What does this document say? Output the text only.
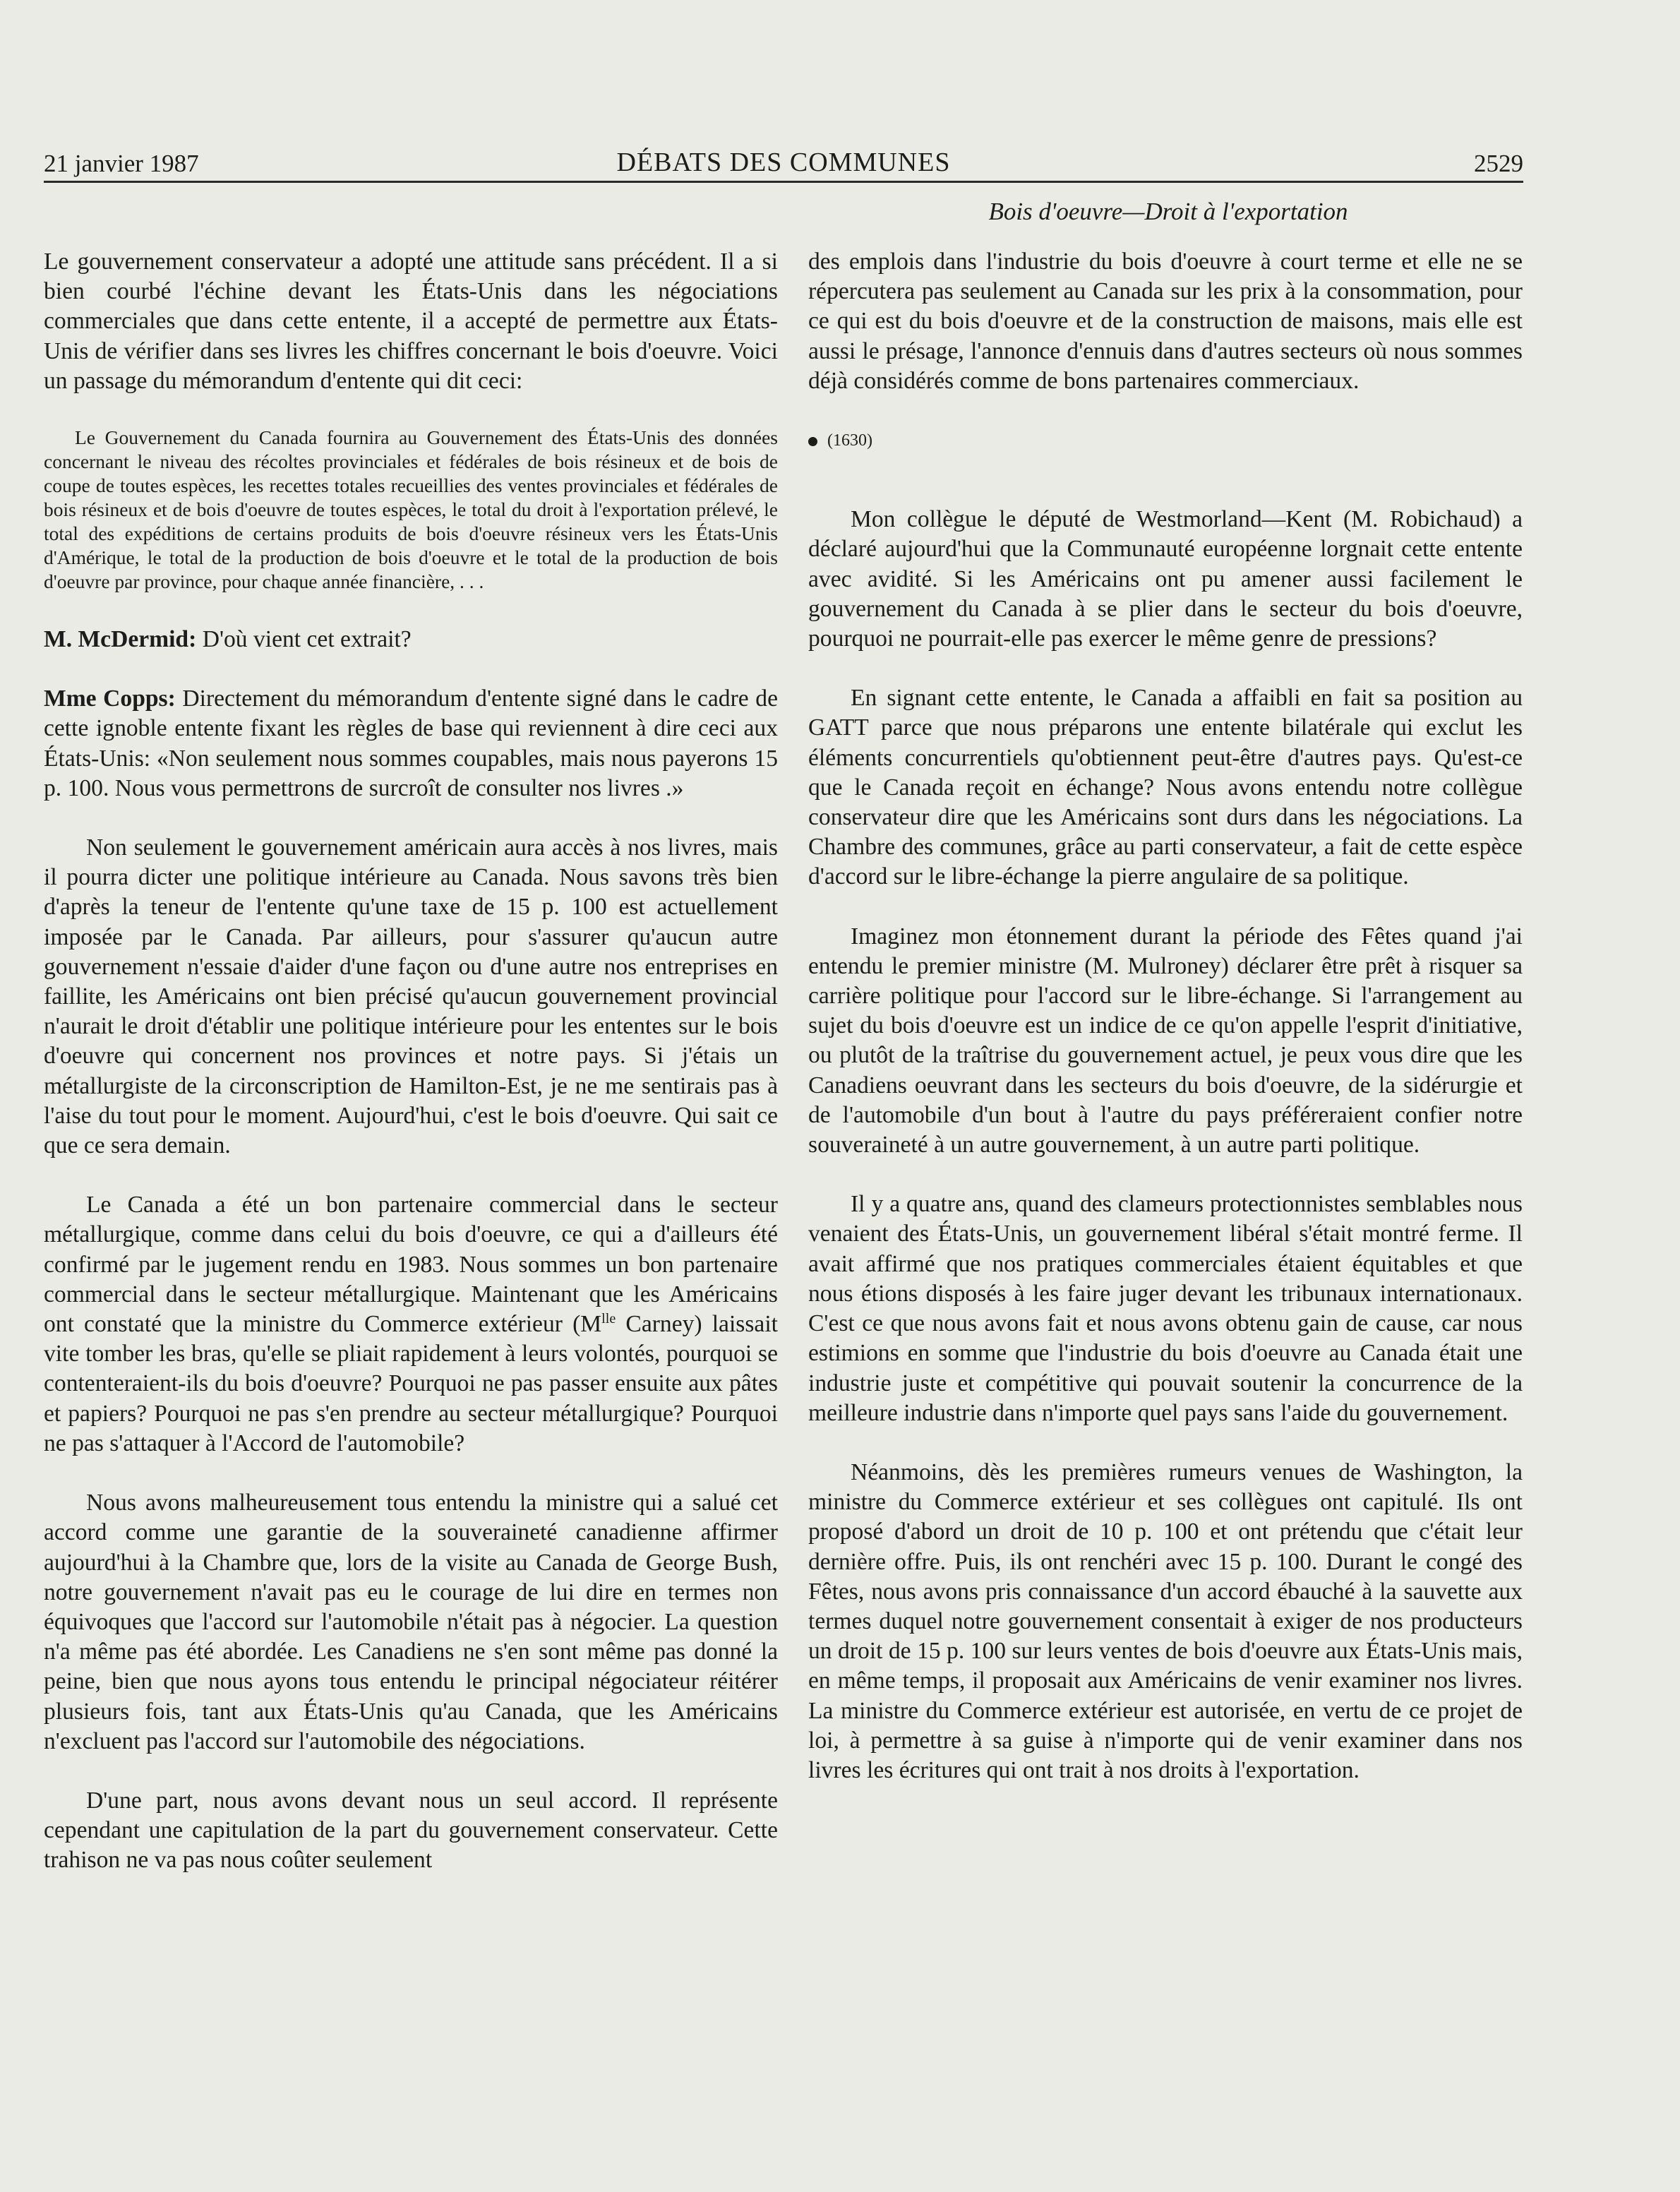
21 janvier 1987	DÉBATS DES COMMUNES	2529
Bois d'oeuvre—Droit à l'exportation

Le gouvernement conservateur a adopté une attitude sans précédent. Il a si bien courbé l'échine devant les États-Unis dans les négociations commerciales que dans cette entente, il a accepté de permettre aux États-Unis de vérifier dans ses livres les chiffres concernant le bois d'oeuvre. Voici un passage du mémorandum d'entente qui dit ceci:

Le Gouvernement du Canada fournira au Gouvernement des États-Unis des données concernant le niveau des récoltes provinciales et fédérales de bois résineux et de bois de coupe de toutes espèces, les recettes totales recueillies des ventes provinciales et fédérales de bois résineux et de bois d'oeuvre de toutes espèces, le total du droit à l'exportation prélevé, le total des expéditions de certains produits de bois d'oeuvre résineux vers les États-Unis d'Amérique, le total de la production de bois d'oeuvre et le total de la production de bois d'oeuvre par province, pour chaque année financière, . . .

M. McDermid: D'où vient cet extrait?

Mme Copps: Directement du mémorandum d'entente signé dans le cadre de cette ignoble entente fixant les règles de base qui reviennent à dire ceci aux États-Unis: «Non seulement nous sommes coupables, mais nous payerons 15 p. 100. Nous vous permettrons de surcroît de consulter nos livres .»

Non seulement le gouvernement américain aura accès à nos livres, mais il pourra dicter une politique intérieure au Canada. Nous savons très bien d'après la teneur de l'entente qu'une taxe de 15 p. 100 est actuellement imposée par le Canada. Par ailleurs, pour s'assurer qu'aucun autre gouvernement n'essaie d'aider d'une façon ou d'une autre nos entreprises en faillite, les Américains ont bien précisé qu'aucun gouvernement provincial n'aurait le droit d'établir une politique intérieure pour les ententes sur le bois d'oeuvre qui concernent nos provinces et notre pays. Si j'étais un métallurgiste de la circonscription de Hamilton-Est, je ne me sentirais pas à l'aise du tout pour le moment. Aujourd'hui, c'est le bois d'oeuvre. Qui sait ce que ce sera demain.

Le Canada a été un bon partenaire commercial dans le secteur métallurgique, comme dans celui du bois d'oeuvre, ce qui a d'ailleurs été confirmé par le jugement rendu en 1983. Nous sommes un bon partenaire commercial dans le secteur métallurgique. Maintenant que les Américains ont constaté que la ministre du Commerce extérieur ($M^{lle}$ Carney) laissait vite tomber les bras, qu'elle se pliait rapidement à leurs volontés, pourquoi se contenteraient-ils du bois d'oeuvre? Pourquoi ne pas passer ensuite aux pâtes et papiers? Pourquoi ne pas s'en prendre au secteur métallurgique? Pourquoi ne pas s'attaquer à l'Accord de l'automobile?

Nous avons malheureusement tous entendu la ministre qui a salué cet accord comme une garantie de la souveraineté canadienne affirmer aujourd'hui à la Chambre que, lors de la visite au Canada de George Bush, notre gouvernement n'avait pas eu le courage de lui dire en termes non équivoques que l'accord sur l'automobile n'était pas à négocier. La question n'a même pas été abordée. Les Canadiens ne s'en sont même pas donné la peine, bien que nous ayons tous entendu le principal négociateur réitérer plusieurs fois, tant aux États-Unis qu'au Canada, que les Américains n'excluent pas l'accord sur l'automobile des négociations.

D'une part, nous avons devant nous un seul accord. Il représente cependant une capitulation de la part du gouvernement conservateur. Cette trahison ne va pas nous coûter seulement

des emplois dans l'industrie du bois d'oeuvre à court terme et elle ne se répercutera pas seulement au Canada sur les prix à la consommation, pour ce qui est du bois d'oeuvre et de la construction de maisons, mais elle est aussi le présage, l'annonce d'ennuis dans d'autres secteurs où nous sommes déjà considérés comme de bons partenaires commerciaux.

(1630)

Mon collègue le député de Westmorland—Kent (M. Robichaud) a déclaré aujourd'hui que la Communauté européenne lorgnait cette entente avec avidité. Si les Américains ont pu amener aussi facilement le gouvernement du Canada à se plier dans le secteur du bois d'oeuvre, pourquoi ne pourrait-elle pas exercer le même genre de pressions?

En signant cette entente, le Canada a affaibli en fait sa position au GATT parce que nous préparons une entente bilatérale qui exclut les éléments concurrentiels qu'obtiennent peut-être d'autres pays. Qu'est-ce que le Canada reçoit en échange? Nous avons entendu notre collègue conservateur dire que les Américains sont durs dans les négociations. La Chambre des communes, grâce au parti conservateur, a fait de cette espèce d'accord sur le libre-échange la pierre angulaire de sa politique.

Imaginez mon étonnement durant la période des Fêtes quand j'ai entendu le premier ministre (M. Mulroney) déclarer être prêt à risquer sa carrière politique pour l'accord sur le libre-échange. Si l'arrangement au sujet du bois d'oeuvre est un indice de ce qu'on appelle l'esprit d'initiative, ou plutôt de la traîtrise du gouvernement actuel, je peux vous dire que les Canadiens oeuvrant dans les secteurs du bois d'oeuvre, de la sidérurgie et de l'automobile d'un bout à l'autre du pays préféreraient confier notre souveraineté à un autre gouvernement, à un autre parti politique.

Il y a quatre ans, quand des clameurs protectionnistes semblables nous venaient des États-Unis, un gouvernement libéral s'était montré ferme. Il avait affirmé que nos pratiques commerciales étaient équitables et que nous étions disposés à les faire juger devant les tribunaux internationaux. C'est ce que nous avons fait et nous avons obtenu gain de cause, car nous estimions en somme que l'industrie du bois d'oeuvre au Canada était une industrie juste et compétitive qui pouvait soutenir la concurrence de la meilleure industrie dans n'importe quel pays sans l'aide du gouvernement.

Néanmoins, dès les premières rumeurs venues de Washington, la ministre du Commerce extérieur et ses collègues ont capitulé. Ils ont proposé d'abord un droit de 10 p. 100 et ont prétendu que c'était leur dernière offre. Puis, ils ont renchéri avec 15 p. 100. Durant le congé des Fêtes, nous avons pris connaissance d'un accord ébauché à la sauvette aux termes duquel notre gouvernement consentait à exiger de nos producteurs un droit de 15 p. 100 sur leurs ventes de bois d'oeuvre aux États-Unis mais, en même temps, il proposait aux Américains de venir examiner nos livres. La ministre du Commerce extérieur est autorisée, en vertu de ce projet de loi, à permettre à sa guise à n'importe qui de venir examiner dans nos livres les écritures qui ont trait à nos droits à l'exportation.
